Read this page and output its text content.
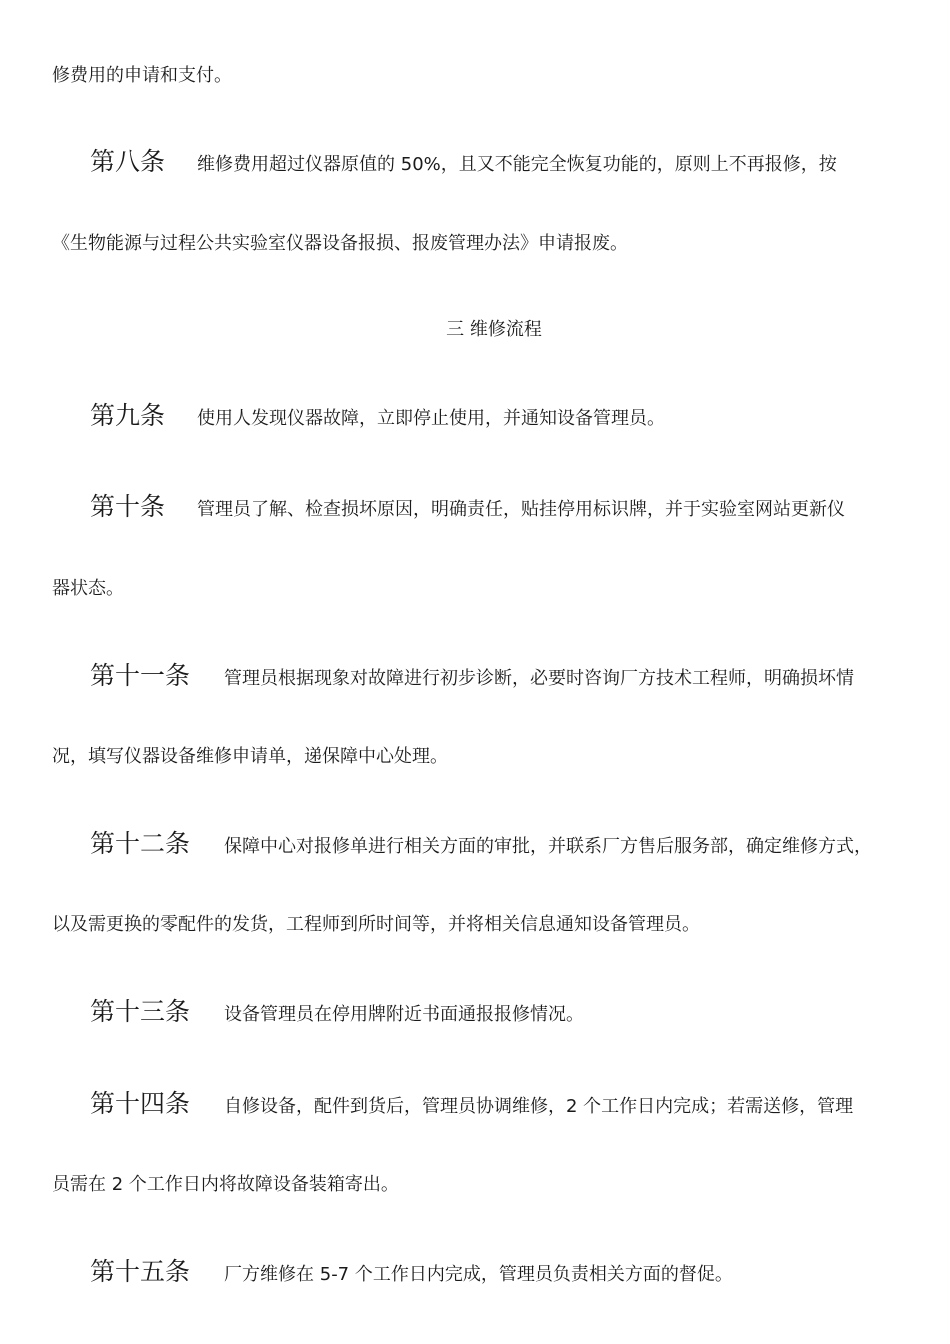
修费用的申请和支付。
第八条 维修费用超过仪器原值的 50%，且又不能完全恢复功能的，原则上不再报修，按
《生物能源与过程公共实验室仪器设备报损、报废管理办法》申请报废。
三 维修流程
第九条 使用人发现仪器故障，立即停止使用，并通知设备管理员。
第十条 管理员了解、检查损坏原因，明确责任，贴挂停用标识牌，并于实验室网站更新仪
器状态。
第十一条 管理员根据现象对故障进行初步诊断，必要时咨询厂方技术工程师，明确损坏情
况，填写仪器设备维修申请单，递保障中心处理。
第十二条 保障中心对报修单进行相关方面的审批，并联系厂方售后服务部，确定维修方式，
以及需更换的零配件的发货，工程师到所时间等，并将相关信息通知设备管理员。
第十三条 设备管理员在停用牌附近书面通报报修情况。
第十四条 自修设备，配件到货后，管理员协调维修，2 个工作日内完成；若需送修，管理
员需在 2 个工作日内将故障设备装箱寄出。
第十五条 厂方维修在 5-7 个工作日内完成，管理员负责相关方面的督促。
